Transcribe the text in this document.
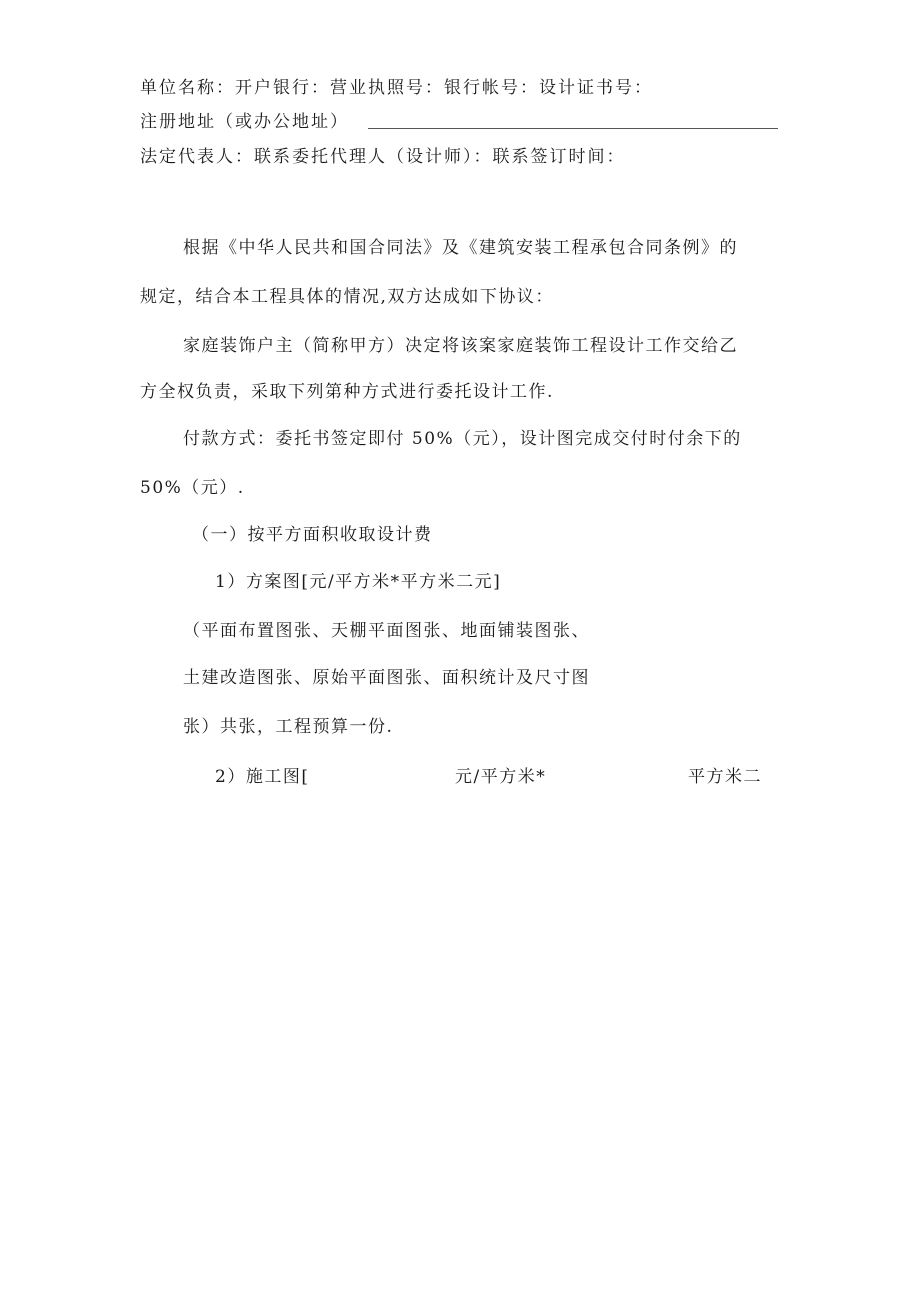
单位名称：开户银行：营业执照号：银行帐号：设计证书号：
注册地址（或办公地址）
法定代表人：联系委托代理人（设计师）：联系签订时间：
根据《中华人民共和国合同法》及《建筑安装工程承包合同条例》的
规定，结合本工程具体的情况,双方达成如下协议：
家庭装饰户主（简称甲方）决定将该案家庭装饰工程设计工作交给乙
方全权负责，采取下列第种方式进行委托设计工作.
付款方式：委托书签定即付 50%（元），设计图完成交付时付余下的
50%（元）.
（一）按平方面积收取设计费
1）方案图[元/平方米*平方米二元]
（平面布置图张、天棚平面图张、地面铺装图张、
土建改造图张、原始平面图张、面积统计及尺寸图
张）共张，工程预算一份.
2）施工图[	元/平方米*	平方米二
